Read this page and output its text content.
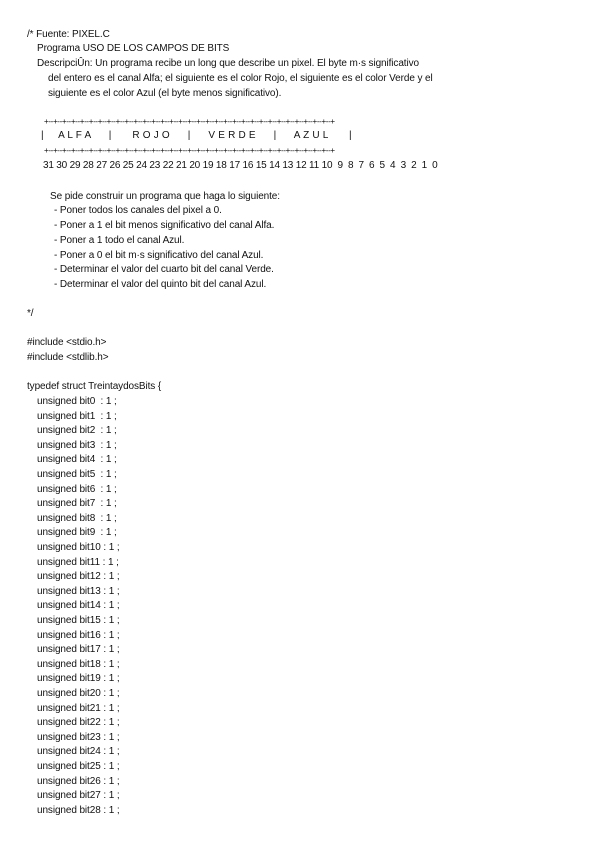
/* Fuente: PIXEL.C
Programa USO DE LOS CAMPOS DE BITS
DescripciÛn: Un programa recibe un long que describe un pixel. El byte m·s significativo
del entero es el canal Alfa; el siguiente es el color Rojo, el siguiente es el color Verde y el
siguiente es el color Azul (el byte menos significativo).
+--+--+--+--+--+--+--+--+--+--+--+--+--+--+--+--+--+--+--+--+--+--+--+--+--+--+--+--+--+--+--+--+
|     A L F A      |       R O J O      |      V E R D E      |      A Z U L       |
+--+--+--+--+--+--+--+--+--+--+--+--+--+--+--+--+--+--+--+--+--+--+--+--+--+--+--+--+--+--+--+--+
31 30 29 28 27 26 25 24 23 22 21 20 19 18 17 16 15 14 13 12 11 10  9  8  7  6  5  4  3  2  1  0
Se pide construir un programa que haga lo siguiente:
- Poner todos los canales del pixel a 0.
- Poner a 1 el bit menos significativo del canal Alfa.
- Poner a 1 todo el canal Azul.
- Poner a 0 el bit m·s significativo del canal Azul.
- Determinar el valor del cuarto bit del canal Verde.
- Determinar el valor del quinto bit del canal Azul.
*/
#include <stdio.h>
#include <stdlib.h>
typedef struct TreintaydosBits {
unsigned bit0  : 1 ;
unsigned bit1  : 1 ;
unsigned bit2  : 1 ;
unsigned bit3  : 1 ;
unsigned bit4  : 1 ;
unsigned bit5  : 1 ;
unsigned bit6  : 1 ;
unsigned bit7  : 1 ;
unsigned bit8  : 1 ;
unsigned bit9  : 1 ;
unsigned bit10 : 1 ;
unsigned bit11 : 1 ;
unsigned bit12 : 1 ;
unsigned bit13 : 1 ;
unsigned bit14 : 1 ;
unsigned bit15 : 1 ;
unsigned bit16 : 1 ;
unsigned bit17 : 1 ;
unsigned bit18 : 1 ;
unsigned bit19 : 1 ;
unsigned bit20 : 1 ;
unsigned bit21 : 1 ;
unsigned bit22 : 1 ;
unsigned bit23 : 1 ;
unsigned bit24 : 1 ;
unsigned bit25 : 1 ;
unsigned bit26 : 1 ;
unsigned bit27 : 1 ;
unsigned bit28 : 1 ;
